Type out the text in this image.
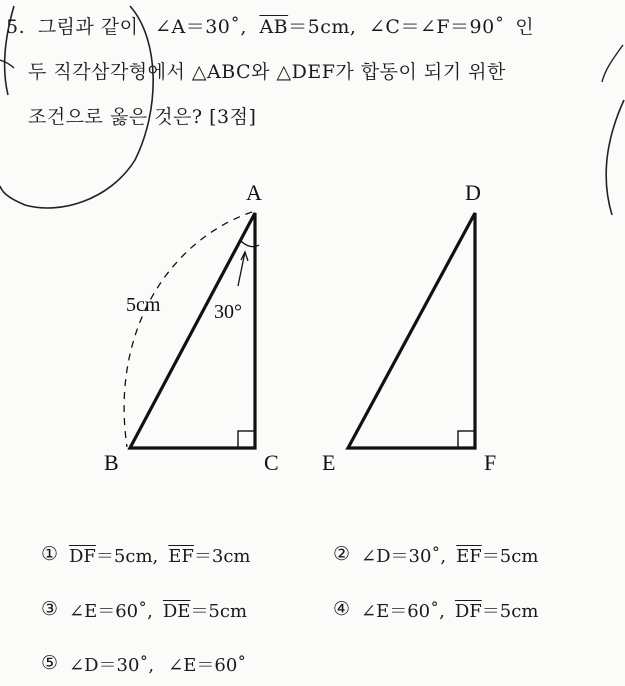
5. 그림과 같이 ∠A＝30˚, $\overline{AB}=5cm$, ∠C＝∠F＝90˚ 인
두 직각삼각형에서 △ABC와 △DEF가 합동이 되기 위한
조건으로 옳은 것은? [3점]
A
B	C
D
E	F
5cm	30°
① $\overline{DF}=5cm$, $\overline{EF}=3cm$	② ∠D＝30˚, $\overline{EF}=5cm$
③ ∠E＝60˚, $\overline{DE}=5cm$	④ ∠E＝60˚, $\overline{DF}=5cm$
⑤ ∠D＝30˚, ∠E＝60˚
